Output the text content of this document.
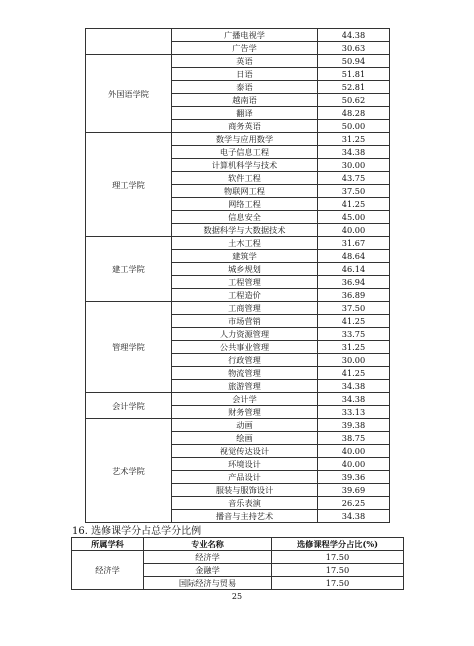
	广播电视学	44.38
	广告学	30.63
外国语学院	英语	50.94
	日语	51.81
	泰语	52.81
	越南语	50.62
	翻译	48.28
	商务英语	50.00
理工学院	数学与应用数学	31.25
	电子信息工程	34.38
	计算机科学与技术	30.00
	软件工程	43.75
	物联网工程	37.50
	网络工程	41.25
	信息安全	45.00
	数据科学与大数据技术	40.00
建工学院	土木工程	31.67
	建筑学	48.64
	城乡规划	46.14
	工程管理	36.94
	工程造价	36.89
管理学院	工商管理	37.50
	市场营销	41.25
	人力资源管理	33.75
	公共事业管理	31.25
	行政管理	30.00
	物流管理	41.25
	旅游管理	34.38
会计学院	会计学	34.38
	财务管理	33.13
艺术学院	动画	39.38
	绘画	38.75
	视觉传达设计	40.00
	环境设计	40.00
	产品设计	39.36
	服装与服饰设计	39.69
	音乐表演	26.25
	播音与主持艺术	34.38
16. 选修课学分占总学分比例
所属学科	专业名称	选修课程学分占比(%)
经济学	经济学	17.50
	金融学	17.50
	国际经济与贸易	17.50
25
